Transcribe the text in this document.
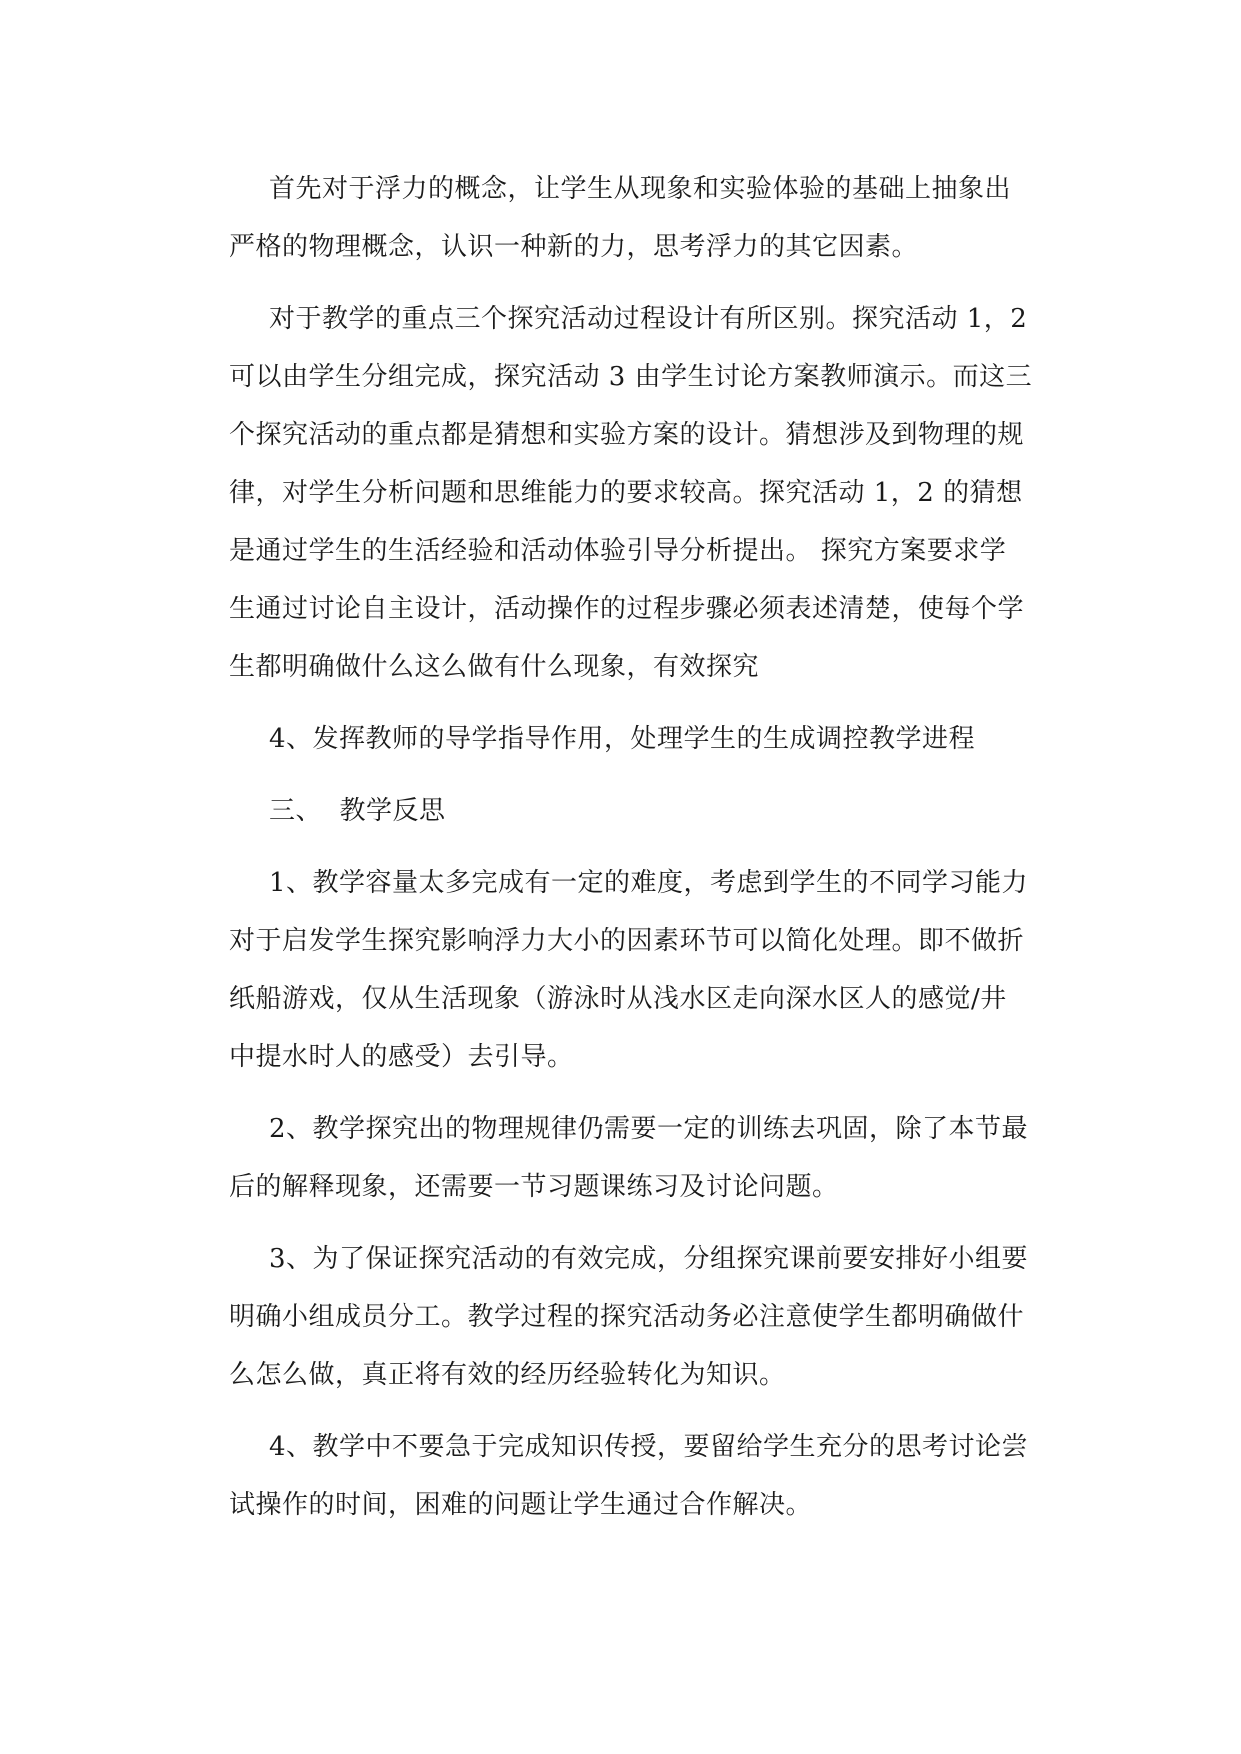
首先对于浮力的概念，让学生从现象和实验体验的基础上抽象出
严格的物理概念，认识一种新的力，思考浮力的其它因素。
对于教学的重点三个探究活动过程设计有所区别。探究活动 1，2
可以由学生分组完成，探究活动 3 由学生讨论方案教师演示。而这三
个探究活动的重点都是猜想和实验方案的设计。猜想涉及到物理的规
律，对学生分析问题和思维能力的要求较高。探究活动 1，2 的猜想
是通过学生的生活经验和活动体验引导分析提出。 探究方案要求学
生通过讨论自主设计，活动操作的过程步骤必须表述清楚，使每个学
生都明确做什么这么做有什么现象，有效探究
4、发挥教师的导学指导作用，处理学生的生成调控教学进程
三、  教学反思
1、教学容量太多完成有一定的难度，考虑到学生的不同学习能力
对于启发学生探究影响浮力大小的因素环节可以简化处理。即不做折
纸船游戏，仅从生活现象（游泳时从浅水区走向深水区人的感觉/井
中提水时人的感受）去引导。
2、教学探究出的物理规律仍需要一定的训练去巩固，除了本节最
后的解释现象，还需要一节习题课练习及讨论问题。
3、为了保证探究活动的有效完成，分组探究课前要安排好小组要
明确小组成员分工。教学过程的探究活动务必注意使学生都明确做什
么怎么做，真正将有效的经历经验转化为知识。
4、教学中不要急于完成知识传授，要留给学生充分的思考讨论尝
试操作的时间，困难的问题让学生通过合作解决。
